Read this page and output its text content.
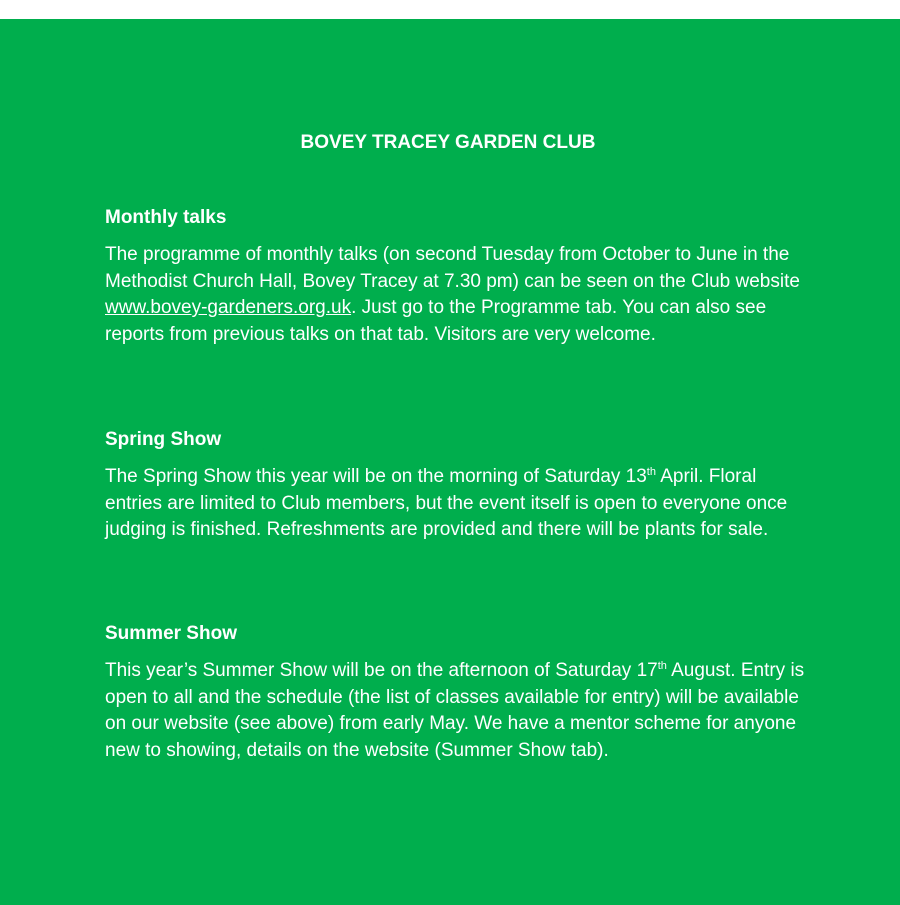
BOVEY TRACEY GARDEN CLUB
Monthly talks

The programme of monthly talks (on second Tuesday from October to June in the Methodist Church Hall, Bovey Tracey at 7.30 pm) can be seen on the Club website www.bovey-gardeners.org.uk. Just go to the Programme tab. You can also see reports from previous talks on that tab. Visitors are very welcome.

Spring Show

The Spring Show this year will be on the morning of Saturday 13th April. Floral entries are limited to Club members, but the event itself is open to everyone once judging is finished. Refreshments are provided and there will be plants for sale.

Summer Show

This year’s Summer Show will be on the afternoon of Saturday 17th August. Entry is open to all and the schedule (the list of classes available for entry) will be available on our website (see above) from early May. We have a mentor scheme for anyone new to showing, details on the website (Summer Show tab).
